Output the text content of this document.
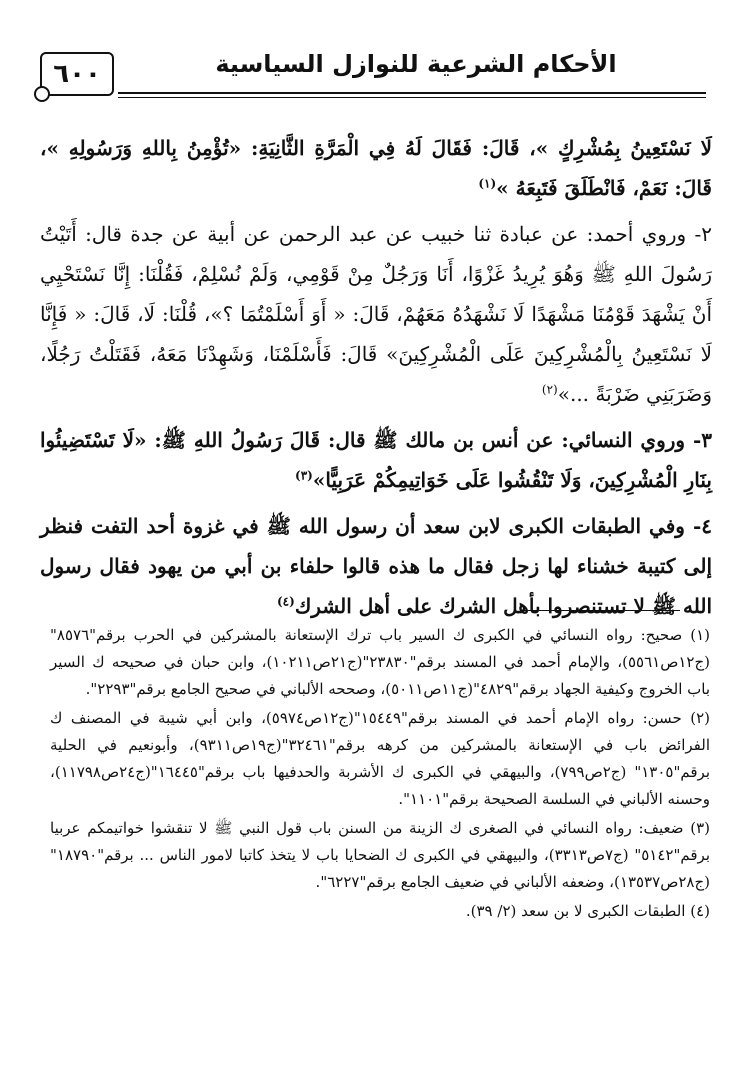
٦٠٠	الأحكام الشرعية للنوازل السياسية

لَا نَسْتَعِينُ بِمُشْرِكٍ »، قَالَ: فَقَالَ لَهُ فِي الْمَرَّةِ الثَّانِيَةِ: «تُؤْمِنُ بِاللهِ وَرَسُولِهِ »، قَالَ: نَعَمْ، فَانْطَلَقَ فَتَبِعَهُ »$^{(١)}$

٢- وروي أحمد: عن عبادة ثنا خبيب عن عبد الرحمن عن أبية عن جدة قال: أَتَيْتُ رَسُولَ اللهِ ﷺ وَهُوَ يُرِيدُ غَزْوًا، أَنَا وَرَجُلٌ مِنْ قَوْمِي، وَلَمْ نُسْلِمْ، فَقُلْنَا: إِنَّا نَسْتَحْيِي أَنْ يَشْهَدَ قَوْمُنَا مَشْهَدًا لَا نَشْهَدُهُ مَعَهُمْ، قَالَ: « أَوَ أَسْلَمْتُمَا ؟»، قُلْنَا: لَا، قَالَ: « فَإِنَّا لَا نَسْتَعِينُ بِالْمُشْرِكِينَ عَلَى الْمُشْرِكِينَ» قَالَ: فَأَسْلَمْنَا، وَشَهِدْنَا مَعَهُ، فَقَتَلْتُ رَجُلًا، وَضَرَبَنِي ضَرْبَةً ...»$^{(٢)}$

٣- وروي النسائي: عن أنس بن مالك ﷺ قال: قَالَ رَسُولُ اللهِ ﷺ: «لَا تَسْتَضِيئُوا بِنَارِ الْمُشْرِكِينَ، وَلَا تَنْقُشُوا عَلَى خَوَاتِيمِكُمْ عَرَبِيًّا»$^{(٣)}$

٤- وفي الطبقات الكبرى لابن سعد أن رسول الله ﷺ في غزوة أحد التفت فنظر إلى كتيبة خشناء لها زجل فقال ما هذه قالوا حلفاء بن أبي من يهود فقال رسول الله ﷺ لا تستنصروا بأهل الشرك على أهل الشرك$^{(٤)}$

(١) صحيح: رواه النسائي في الكبرى ك السير باب ترك الإستعانة بالمشركين في الحرب برقم"٨٥٧٦" (ج١٢ص٥٥٦١)، والإمام أحمد في المسند برقم"٢٣٨٣٠"(ج٢١ص١٠٢١١)، وابن حبان في صحيحه ك السير باب الخروج وكيفية الجهاد برقم"٤٨٢٩"(ج١١ص٥٠١١)، وصححه الألباني في صحيح الجامع برقم"٢٢٩٣".

(٢) حسن: رواه الإمام أحمد في المسند برقم"١٥٤٤٩"(ج١٢ص٥٩٧٤)، وابن أبي شيبة في المصنف ك الفرائض باب في الإستعانة بالمشركين من كرهه برقم"٣٢٤٦١"(ج١٩ص٩٣١١)، وأبونعيم في الحلية برقم"١٣٠٥" (ج٢ص٧٩٩)، والبيهقي في الكبرى ك الأشربة والحدفيها باب برقم"١٦٤٤٥"(ج٢٤ص١١٧٩٨)، وحسنه الألباني في السلسة الصحيحة برقم"١١٠١".

(٣) ضعيف: رواه النسائي في الصغرى ك الزينة من السنن باب قول النبي ﷺ لا تنقشوا خواتيمكم عربيا برقم"٥١٤٢" (ج٧ص٣٣١٣)، والبيهقي في الكبرى ك الضحايا باب لا يتخذ كاتبا لامور الناس ... برقم"١٨٧٩٠" (ج٢٨ص١٣٥٣٧)، وضعفه الألباني في ضعيف الجامع برقم"٦٢٢٧".

(٤) الطبقات الكبرى لا بن سعد (٢/ ٣٩).
